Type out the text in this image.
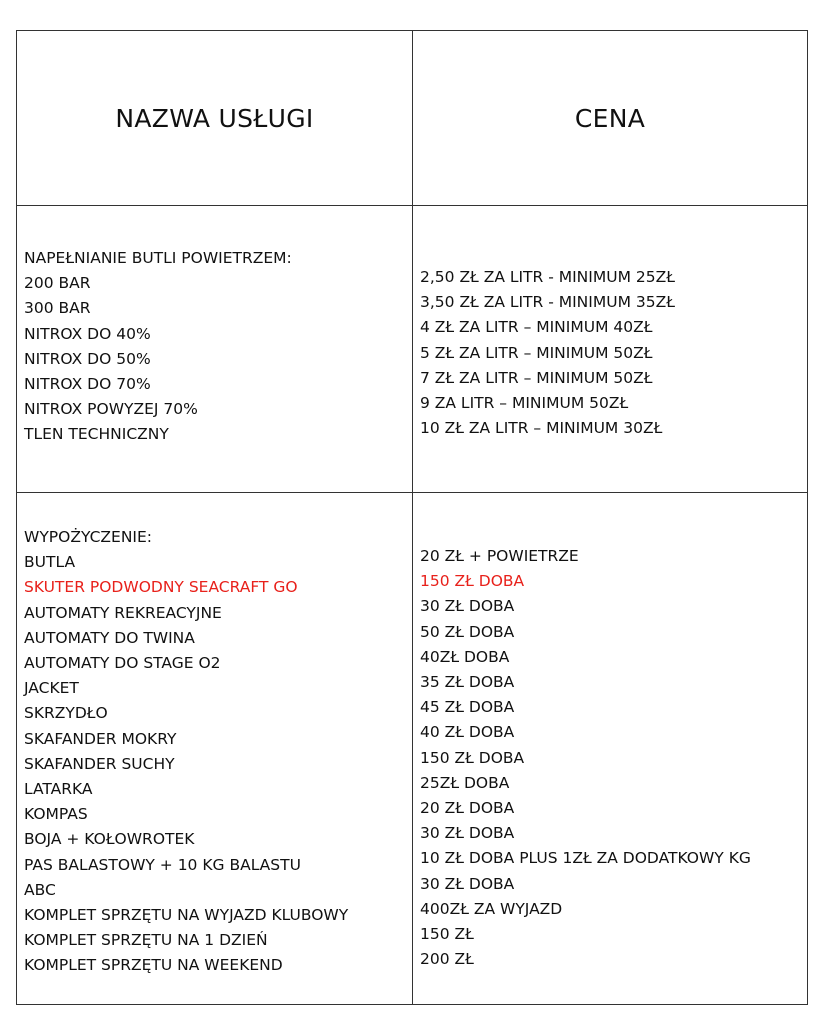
NAZWA USŁUGI	CENA
NAPEŁNIANIE BUTLI POWIETRZEM:
200 BAR
300 BAR
NITROX DO 40%
NITROX DO 50%
NITROX DO 70%
NITROX POWYZEJ 70%
TLEN TECHNICZNY
2,50 ZŁ ZA LITR - MINIMUM 25ZŁ
3,50 ZŁ ZA LITR - MINIMUM 35ZŁ
4 ZŁ ZA LITR – MINIMUM 40ZŁ
5 ZŁ ZA LITR – MINIMUM 50ZŁ
7 ZŁ ZA LITR – MINIMUM 50ZŁ
9 ZA LITR – MINIMUM 50ZŁ
10 ZŁ ZA LITR – MINIMUM 30ZŁ
WYPOŻYCZENIE:
BUTLA
SKUTER PODWODNY SEACRAFT GO
AUTOMATY REKREACYJNE
AUTOMATY DO TWINA
AUTOMATY DO STAGE O2
JACKET
SKRZYDŁO
SKAFANDER MOKRY
SKAFANDER SUCHY
LATARKA
KOMPAS
BOJA + KOŁOWROTEK
PAS BALASTOWY + 10 KG BALASTU
ABC
KOMPLET SPRZĘTU NA WYJAZD KLUBOWY
KOMPLET SPRZĘTU NA 1 DZIEŃ
KOMPLET SPRZĘTU NA WEEKEND
20 ZŁ + POWIETRZE
150 ZŁ DOBA
30 ZŁ DOBA
50 ZŁ DOBA
40ZŁ DOBA
35 ZŁ DOBA
45 ZŁ DOBA
40 ZŁ DOBA
150 ZŁ DOBA
25ZŁ DOBA
20 ZŁ DOBA
30 ZŁ DOBA
10 ZŁ DOBA PLUS 1ZŁ ZA DODATKOWY KG
30 ZŁ DOBA
400ZŁ ZA WYJAZD
150 ZŁ
200 ZŁ
